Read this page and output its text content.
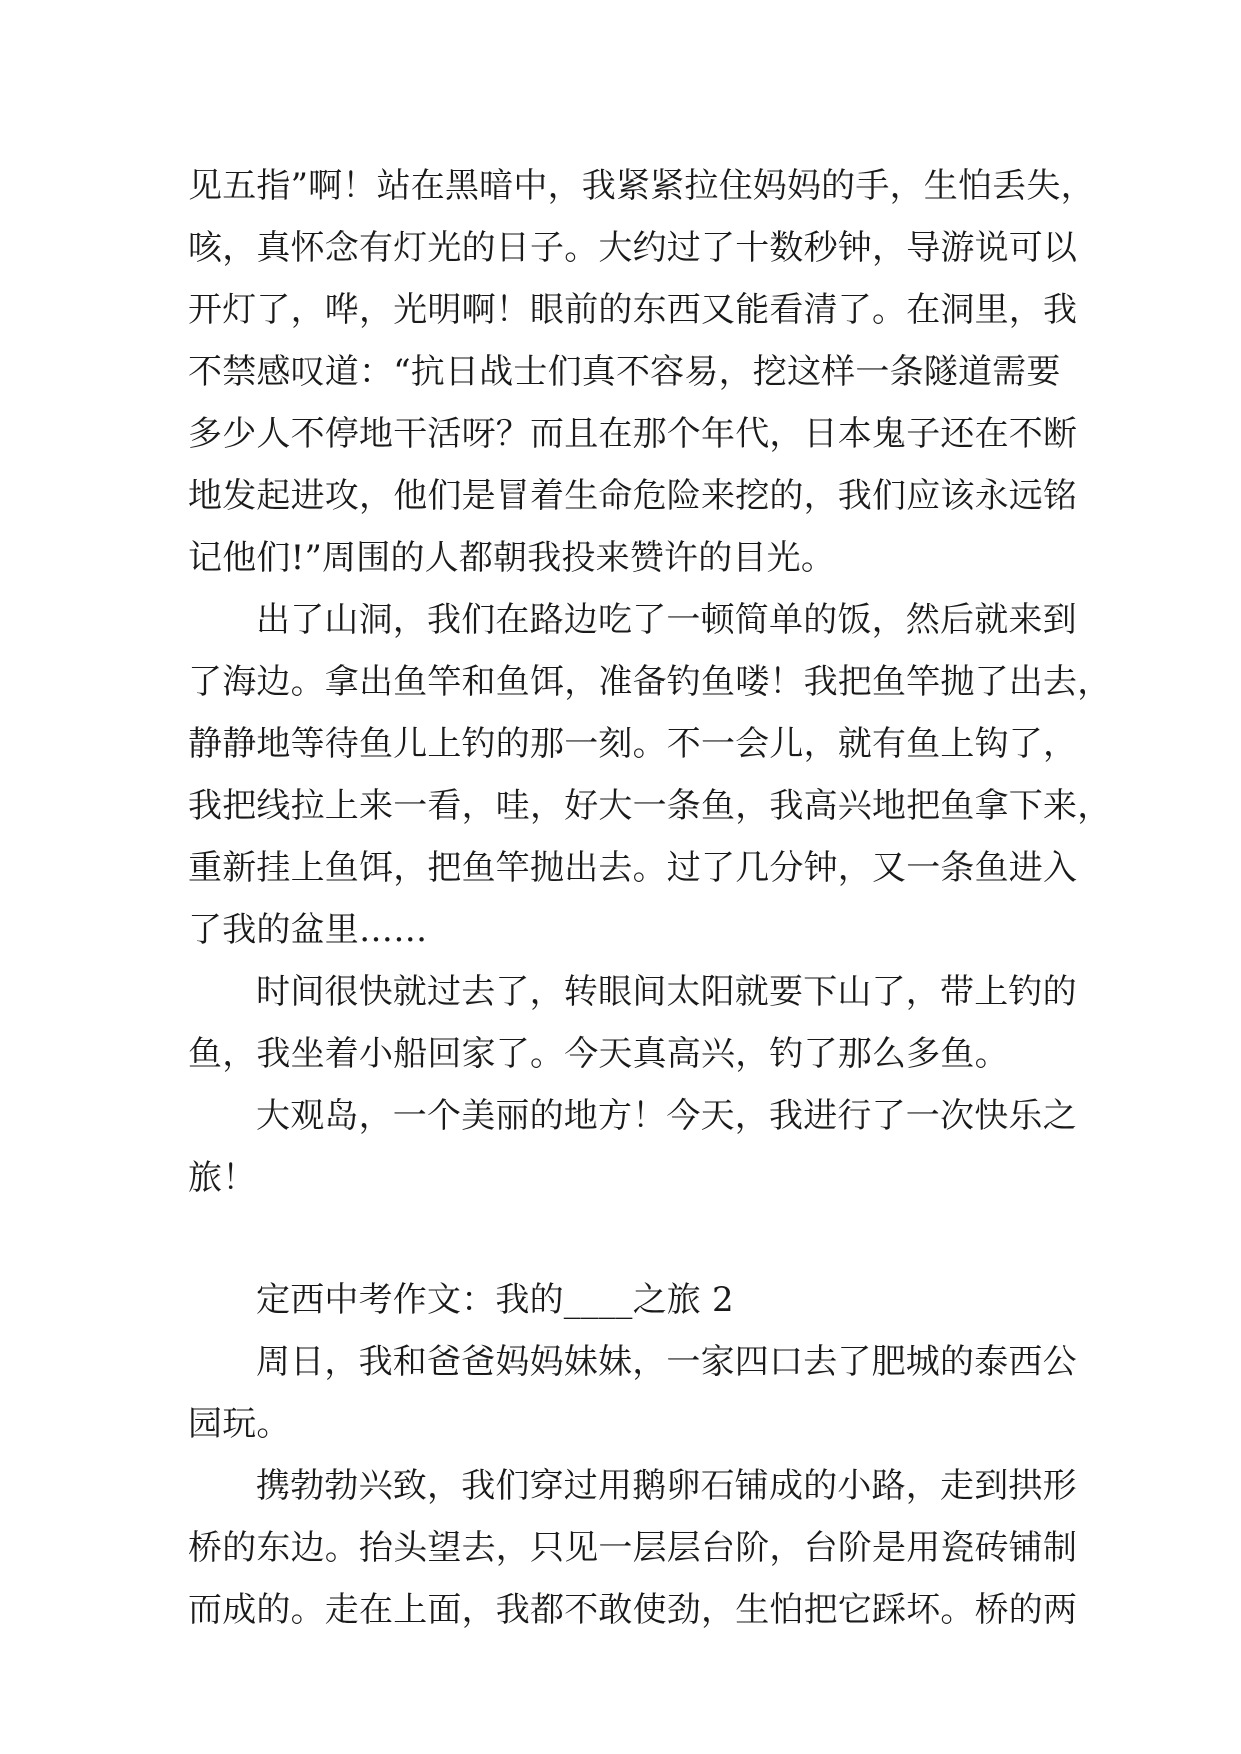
见五指”啊！站在黑暗中，我紧紧拉住妈妈的手，生怕丢失，
咳，真怀念有灯光的日子。大约过了十数秒钟，导游说可以
开灯了，哗，光明啊！眼前的东西又能看清了。在洞里，我
不禁感叹道：“抗日战士们真不容易，挖这样一条隧道需要
多少人不停地干活呀？而且在那个年代，日本鬼子还在不断
地发起进攻，他们是冒着生命危险来挖的，我们应该永远铭
记他们!”周围的人都朝我投来赞许的目光。
出了山洞，我们在路边吃了一顿简单的饭，然后就来到
了海边。拿出鱼竿和鱼饵，准备钓鱼喽！我把鱼竿抛了出去，
静静地等待鱼儿上钓的那一刻。不一会儿，就有鱼上钩了，
我把线拉上来一看，哇，好大一条鱼，我高兴地把鱼拿下来，
重新挂上鱼饵，把鱼竿抛出去。过了几分钟，又一条鱼进入
了我的盆里……
时间很快就过去了，转眼间太阳就要下山了，带上钓的
鱼，我坐着小船回家了。今天真高兴，钓了那么多鱼。
大观岛，一个美丽的地方！今天，我进行了一次快乐之
旅！
定西中考作文：我的____之旅 2
周日，我和爸爸妈妈妹妹，一家四口去了肥城的泰西公
园玩。
携勃勃兴致，我们穿过用鹅卵石铺成的小路，走到拱形
桥的东边。抬头望去，只见一层层台阶，台阶是用瓷砖铺制
而成的。走在上面，我都不敢使劲，生怕把它踩坏。桥的两
